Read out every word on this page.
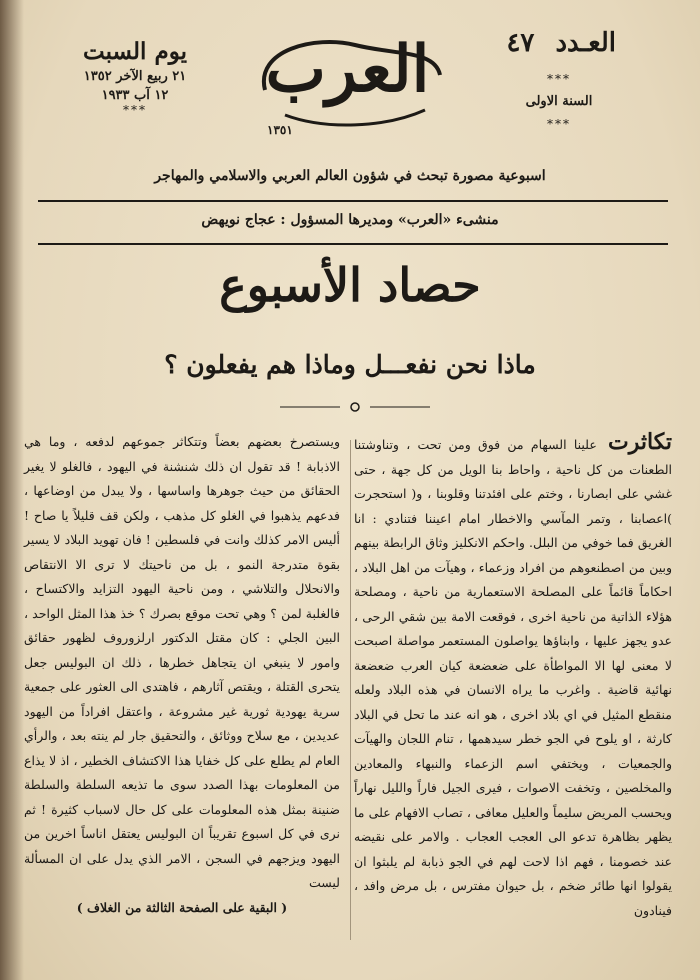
العـدد ٤٧
***
السنة الاولى
***
العرب
١٣٥١
يوم السبت
٢١ ربيع الآخر ١٣٥٢
١٢ آب ١٩٣٣
***
اسبوعية مصورة تبحث في شؤون العالم العربي والاسلامي والمهاجر
منشىء «العرب» ومديرها المسؤول : عجاج نويهض
حصاد الأسبوع
ماذا نحن نفعـــل وماذا هم يفعلون ؟
تكاثرت علينا السهام من فوق ومن تحت ، وتناوشتنا الطعنات من كل ناحية ، واحاط بنا الويل من كل جهة ، حتى غشي على ابصارنا ، وختم على افئدتنا وقلوبنا ، و( استحجرت )اعصابنا ، وتمر المآسي والاخطار امام اعيننا فتنادي : انا الغريق فما خوفي من البلل. واحكم الانكليز وثاق الرابطة بينهم وبين من اصطنعوهم من افراد وزعماء ، وهيآت من اهل البلاد ، احكاماً قائماً على المصلحة الاستعمارية من ناحية ، ومصلحة هؤلاء الذاتية من ناحية اخرى ، فوقعت الامة بين شقي الرحى ، عدو يجهز عليها ، وابناؤها يواصلون المستعمر مواصلة اصبحت لا معنى لها الا المواطأة على ضعضعة كيان العرب ضعضعة نهائية قاضية . واغرب ما يراه الانسان في هذه البلاد ولعله منقطع المثيل في اي بلاد اخرى ، هو انه عند ما تحل في البلاد كارثة ، او يلوح في الجو خطر سيدهمها ، تنام اللجان والهيآت والجمعيات ، ويختفي اسم الزعماء والنبهاء والمعادين والمخلصين ، وتخفت الاصوات ، فيرى الجيل فاراً والليل نهاراً ويحسب المريض سليماً والعليل معافى ، تصاب الافهام على ما يظهر بظاهرة تدعو الى العجب العجاب . والامر على نقيضه عند خصومنا ، فهم اذا لاحت لهم في الجو ذبابة لم يلبثوا ان يقولوا انها طائر ضخم ، بل حيوان مفترس ، بل مرض وافد ، فينادون
ويستصرخ بعضهم بعضاً وتتكاثر جموعهم لدفعه ، وما هي الاذبابة ! قد تقول ان ذلك شنشنة في اليهود ، فالغلو لا يغير الحقائق من حيث جوهرها واساسها ، ولا يبدل من اوضاعها ، فدعهم يذهبوا في الغلو كل مذهب ، ولكن قف قليلاً يا صاح ! أليس الامر كذلك وانت في فلسطين ! فان تهويد البلاد لا يسير بقوة متدرجة النمو ، بل من ناحيتك لا ترى الا الانتقاص والانحلال والتلاشي ، ومن ناحية اليهود التزايد والاكتساح ، فالغلبة لمن ؟ وهي تحت موقع بصرك ؟ خذ هذا المثل الواحد ، البين الجلي : كان مقتل الدكتور ارلزوروف لظهور حقائق وامور لا ينبغي ان يتجاهل خطرها ، ذلك ان البوليس جعل يتحرى القتلة ، ويقتص آثارهم ، فاهتدى الى العثور على جمعية سرية يهودية ثورية غير مشروعة ، واعتقل افراداً من اليهود عديدين ، مع سلاح ووثائق ، والتحقيق جار لم ينته بعد ، والرأي العام لم يطلع على كل خفايا هذا الاكتشاف الخطير ، اذ لا يذاع من المعلومات بهذا الصدد سوى ما تذيعه السلطة والسلطة ضنينة بمثل هذه المعلومات على كل حال لاسباب كثيرة ! ثم نرى في كل اسبوع تقريباً ان البوليس يعتقل اناساً اخرين من اليهود ويزجهم في السجن ، الامر الذي يدل على ان المسألة ليست
( البقية على الصفحة الثالثة من الغلاف )
